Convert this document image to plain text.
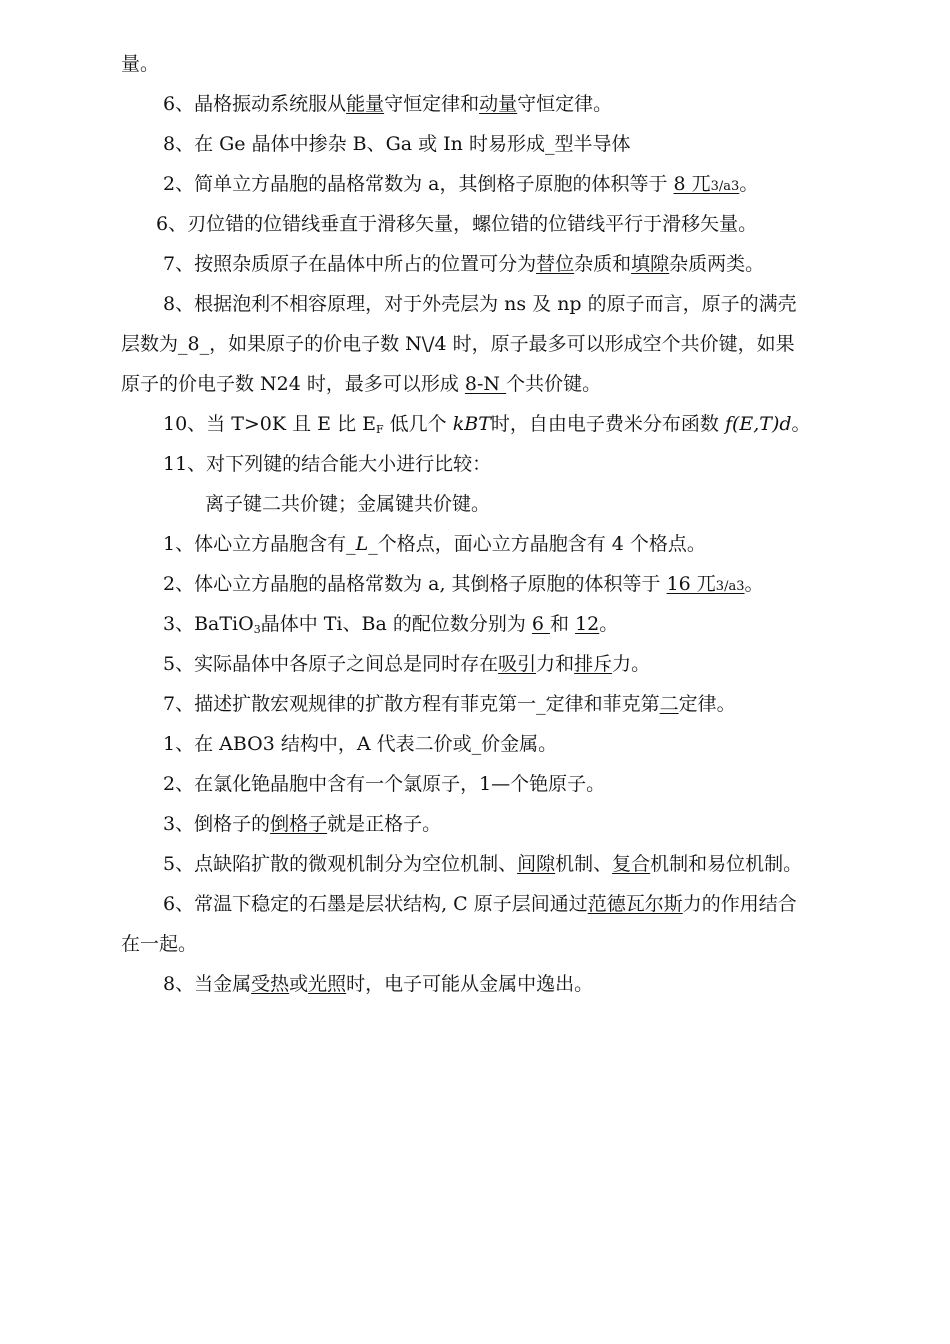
量。
6、晶格振动系统服从能量守恒定律和动量守恒定律。
8、在 Ge 晶体中掺杂 B、Ga 或 In 时易形成_型半导体
2、简单立方晶胞的晶格常数为 a，其倒格子原胞的体积等于 8 兀3/a3。
6、刃位错的位错线垂直于滑移矢量，螺位错的位错线平行于滑移矢量。
7、按照杂质原子在晶体中所占的位置可分为替位杂质和填隙杂质两类。
8、根据泡利不相容原理，对于外壳层为 ns 及 np 的原子而言，原子的满壳
层数为_8_，如果原子的价电子数 N\/4 时，原子最多可以形成空个共价键，如果
原子的价电子数 N24 时，最多可以形成 8-N 个共价键。
10、当 T>0K 且 E 比 $E_F$ 低几个 kBT时，自由电子费米分布函数 f(E,T)d。
11、对下列键的结合能大小进行比较：
离子键二共价键；金属键共价键。
1、体心立方晶胞含有_L_个格点，面心立方晶胞含有 4 个格点。
2、体心立方晶胞的晶格常数为 a, 其倒格子原胞的体积等于 16 兀3/a3。
3、BaTiO$_3$晶体中 Ti、Ba 的配位数分别为 6 和 12。
5、实际晶体中各原子之间总是同时存在吸引力和排斥力。
7、描述扩散宏观规律的扩散方程有菲克第一_定律和菲克第二定律。
1、在 ABO3 结构中，A 代表二价或_价金属。
2、在氯化铯晶胞中含有一个氯原子，1—个铯原子。
3、倒格子的倒格子就是正格子。
5、点缺陷扩散的微观机制分为空位机制、间隙机制、复合机制和易位机制。
6、常温下稳定的石墨是层状结构, C 原子层间通过范德瓦尔斯力的作用结合
在一起。
8、当金属受热或光照时，电子可能从金属中逸出。
